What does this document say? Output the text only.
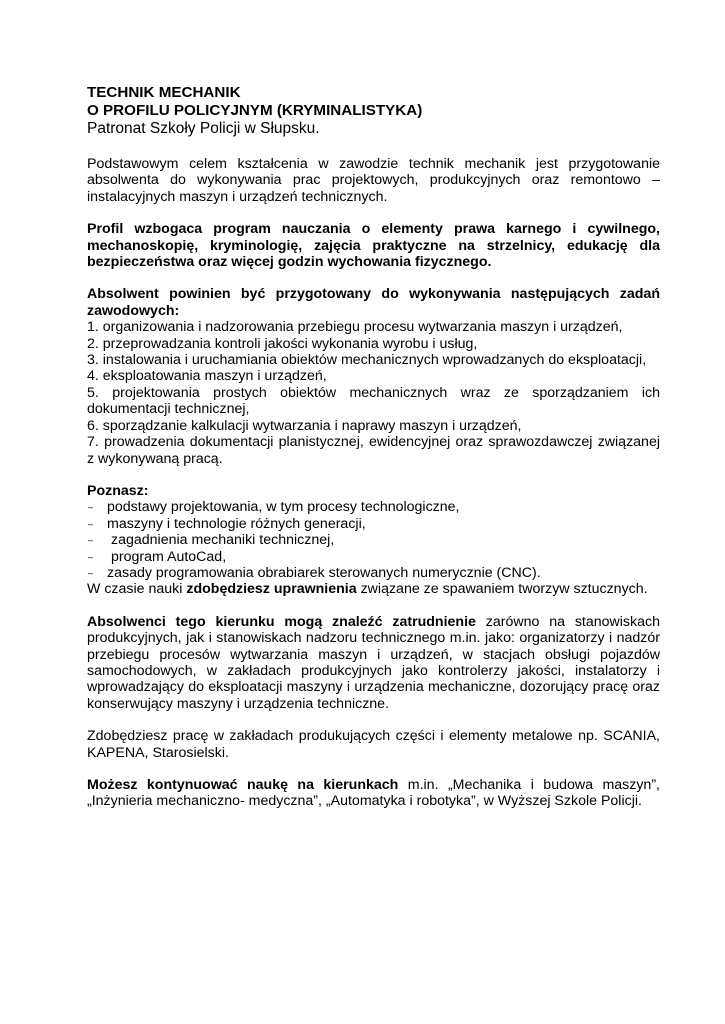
TECHNIK MECHANIK

O PROFILU POLICYJNYM (KRYMINALISTYKA)

Patronat Szkoły Policji w Słupsku.

Podstawowym celem kształcenia w zawodzie technik mechanik jest przygotowanie absolwenta do wykonywania prac projektowych, produkcyjnych oraz remontowo – instalacyjnych maszyn i urządzeń technicznych.

Profil wzbogaca program nauczania o elementy prawa karnego i cywilnego, mechanoskopię, kryminologię, zajęcia praktyczne na strzelnicy, edukację dla bezpieczeństwa oraz więcej godzin wychowania fizycznego.

Absolwent powinien być przygotowany do wykonywania następujących zadań zawodowych:

1. organizowania i nadzorowania przebiegu procesu wytwarzania maszyn i urządzeń,

2. przeprowadzania kontroli jakości wykonania wyrobu i usług,

3. instalowania i uruchamiania obiektów mechanicznych wprowadzanych do eksploatacji,

4. eksploatowania maszyn i urządzeń,

5. projektowania prostych obiektów mechanicznych wraz ze sporządzaniem ich dokumentacji technicznej,

6. sporządzanie kalkulacji wytwarzania i naprawy maszyn i urządzeń,

7. prowadzenia dokumentacji planistycznej, ewidencyjnej oraz sprawozdawczej związanej z wykonywaną pracą.

Poznasz:

– podstawy projektowania, w tym procesy technologiczne,

– maszyny i technologie różnych generacji,

– zagadnienia mechaniki technicznej,

– program AutoCad,

– zasady programowania obrabiarek sterowanych numerycznie (CNC).

W czasie nauki zdobędziesz uprawnienia związane ze spawaniem tworzyw sztucznych.

Absolwenci tego kierunku mogą znaleźć zatrudnienie zarówno na stanowiskach produkcyjnych, jak i stanowiskach nadzoru technicznego m.in. jako: organizatorzy i nadzór przebiegu procesów wytwarzania maszyn i urządzeń, w stacjach obsługi pojazdów samochodowych, w zakładach produkcyjnych jako kontrolerzy jakości, instalatorzy i wprowadzający do eksploatacji maszyny i urządzenia mechaniczne, dozorujący pracę oraz konserwujący maszyny i urządzenia techniczne.

Zdobędziesz pracę w zakładach produkujących części i elementy metalowe np. SCANIA, KAPENA, Starosielski.

Możesz kontynuować naukę na kierunkach m.in. „Mechanika i budowa maszyn”, „Inżynieria mechaniczno- medyczna”, „Automatyka i robotyka”, w Wyższej Szkole Policji.
